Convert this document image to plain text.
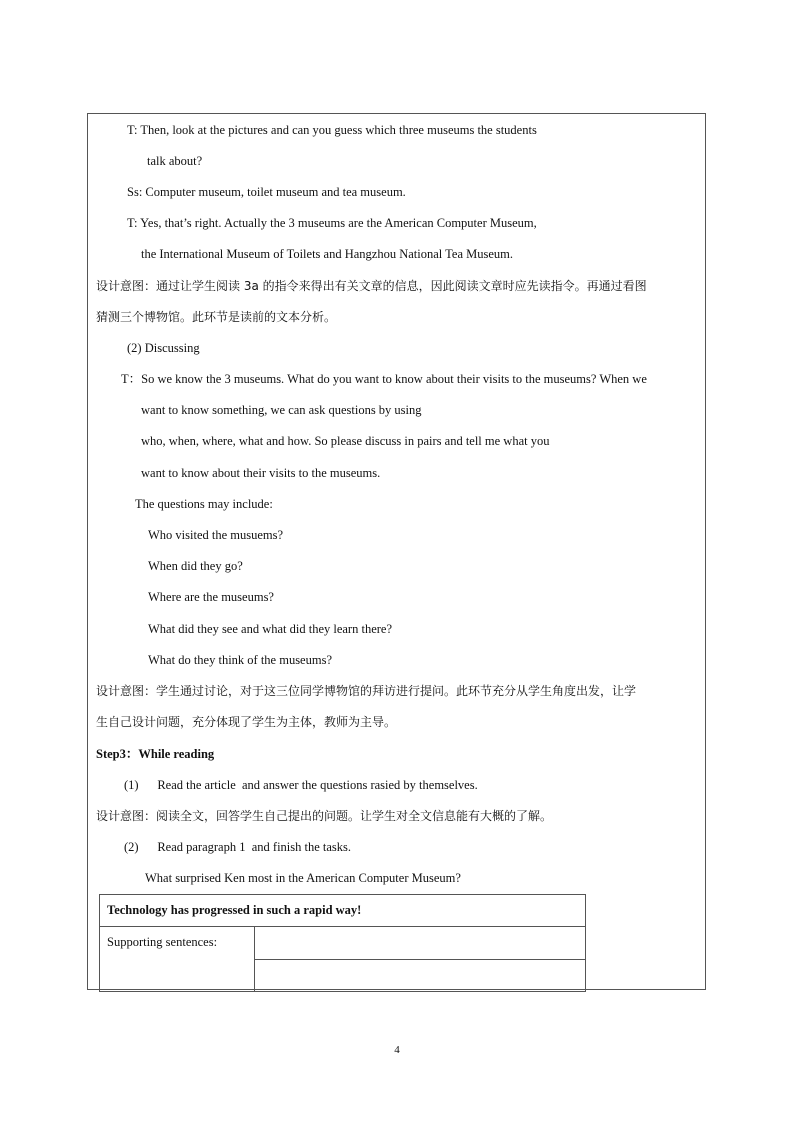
T: Then, look at the pictures and can you guess which three museums the students
talk about?
Ss: Computer museum, toilet museum and tea museum.
T: Yes, that’s right. Actually the 3 museums are the American Computer Museum,
the International Museum of Toilets and Hangzhou National Tea Museum.
设计意图：通过让学生阅读 3a 的指令来得出有关文章的信息，因此阅读文章时应先读指令。再通过看图
猜测三个博物馆。此环节是读前的文本分析。
(2) Discussing
T：So we know the 3 museums. What do you want to know about their visits to the museums? When we
want to know something, we can ask questions by using
who, when, where, what and how. So please discuss in pairs and tell me what you
want to know about their visits to the museums.
The questions may include:
Who visited the musuems?
When did they go?
Where are the museums?
What did they see and what did they learn there?
What do they think of the museums?
设计意图：学生通过讨论，对于这三位同学博物馆的拜访进行提问。此环节充分从学生角度出发，让学
生自己设计问题，充分体现了学生为主体，教师为主导。
Step3：While reading
(1)      Read the article  and answer the questions rasied by themselves.
设计意图：阅读全文，回答学生自己提出的问题。让学生对全文信息能有大概的了解。
(2)      Read paragraph 1  and finish the tasks.
What surprised Ken most in the American Computer Museum?
Technology has progressed in such a rapid way!
Supporting sentences:	

4
